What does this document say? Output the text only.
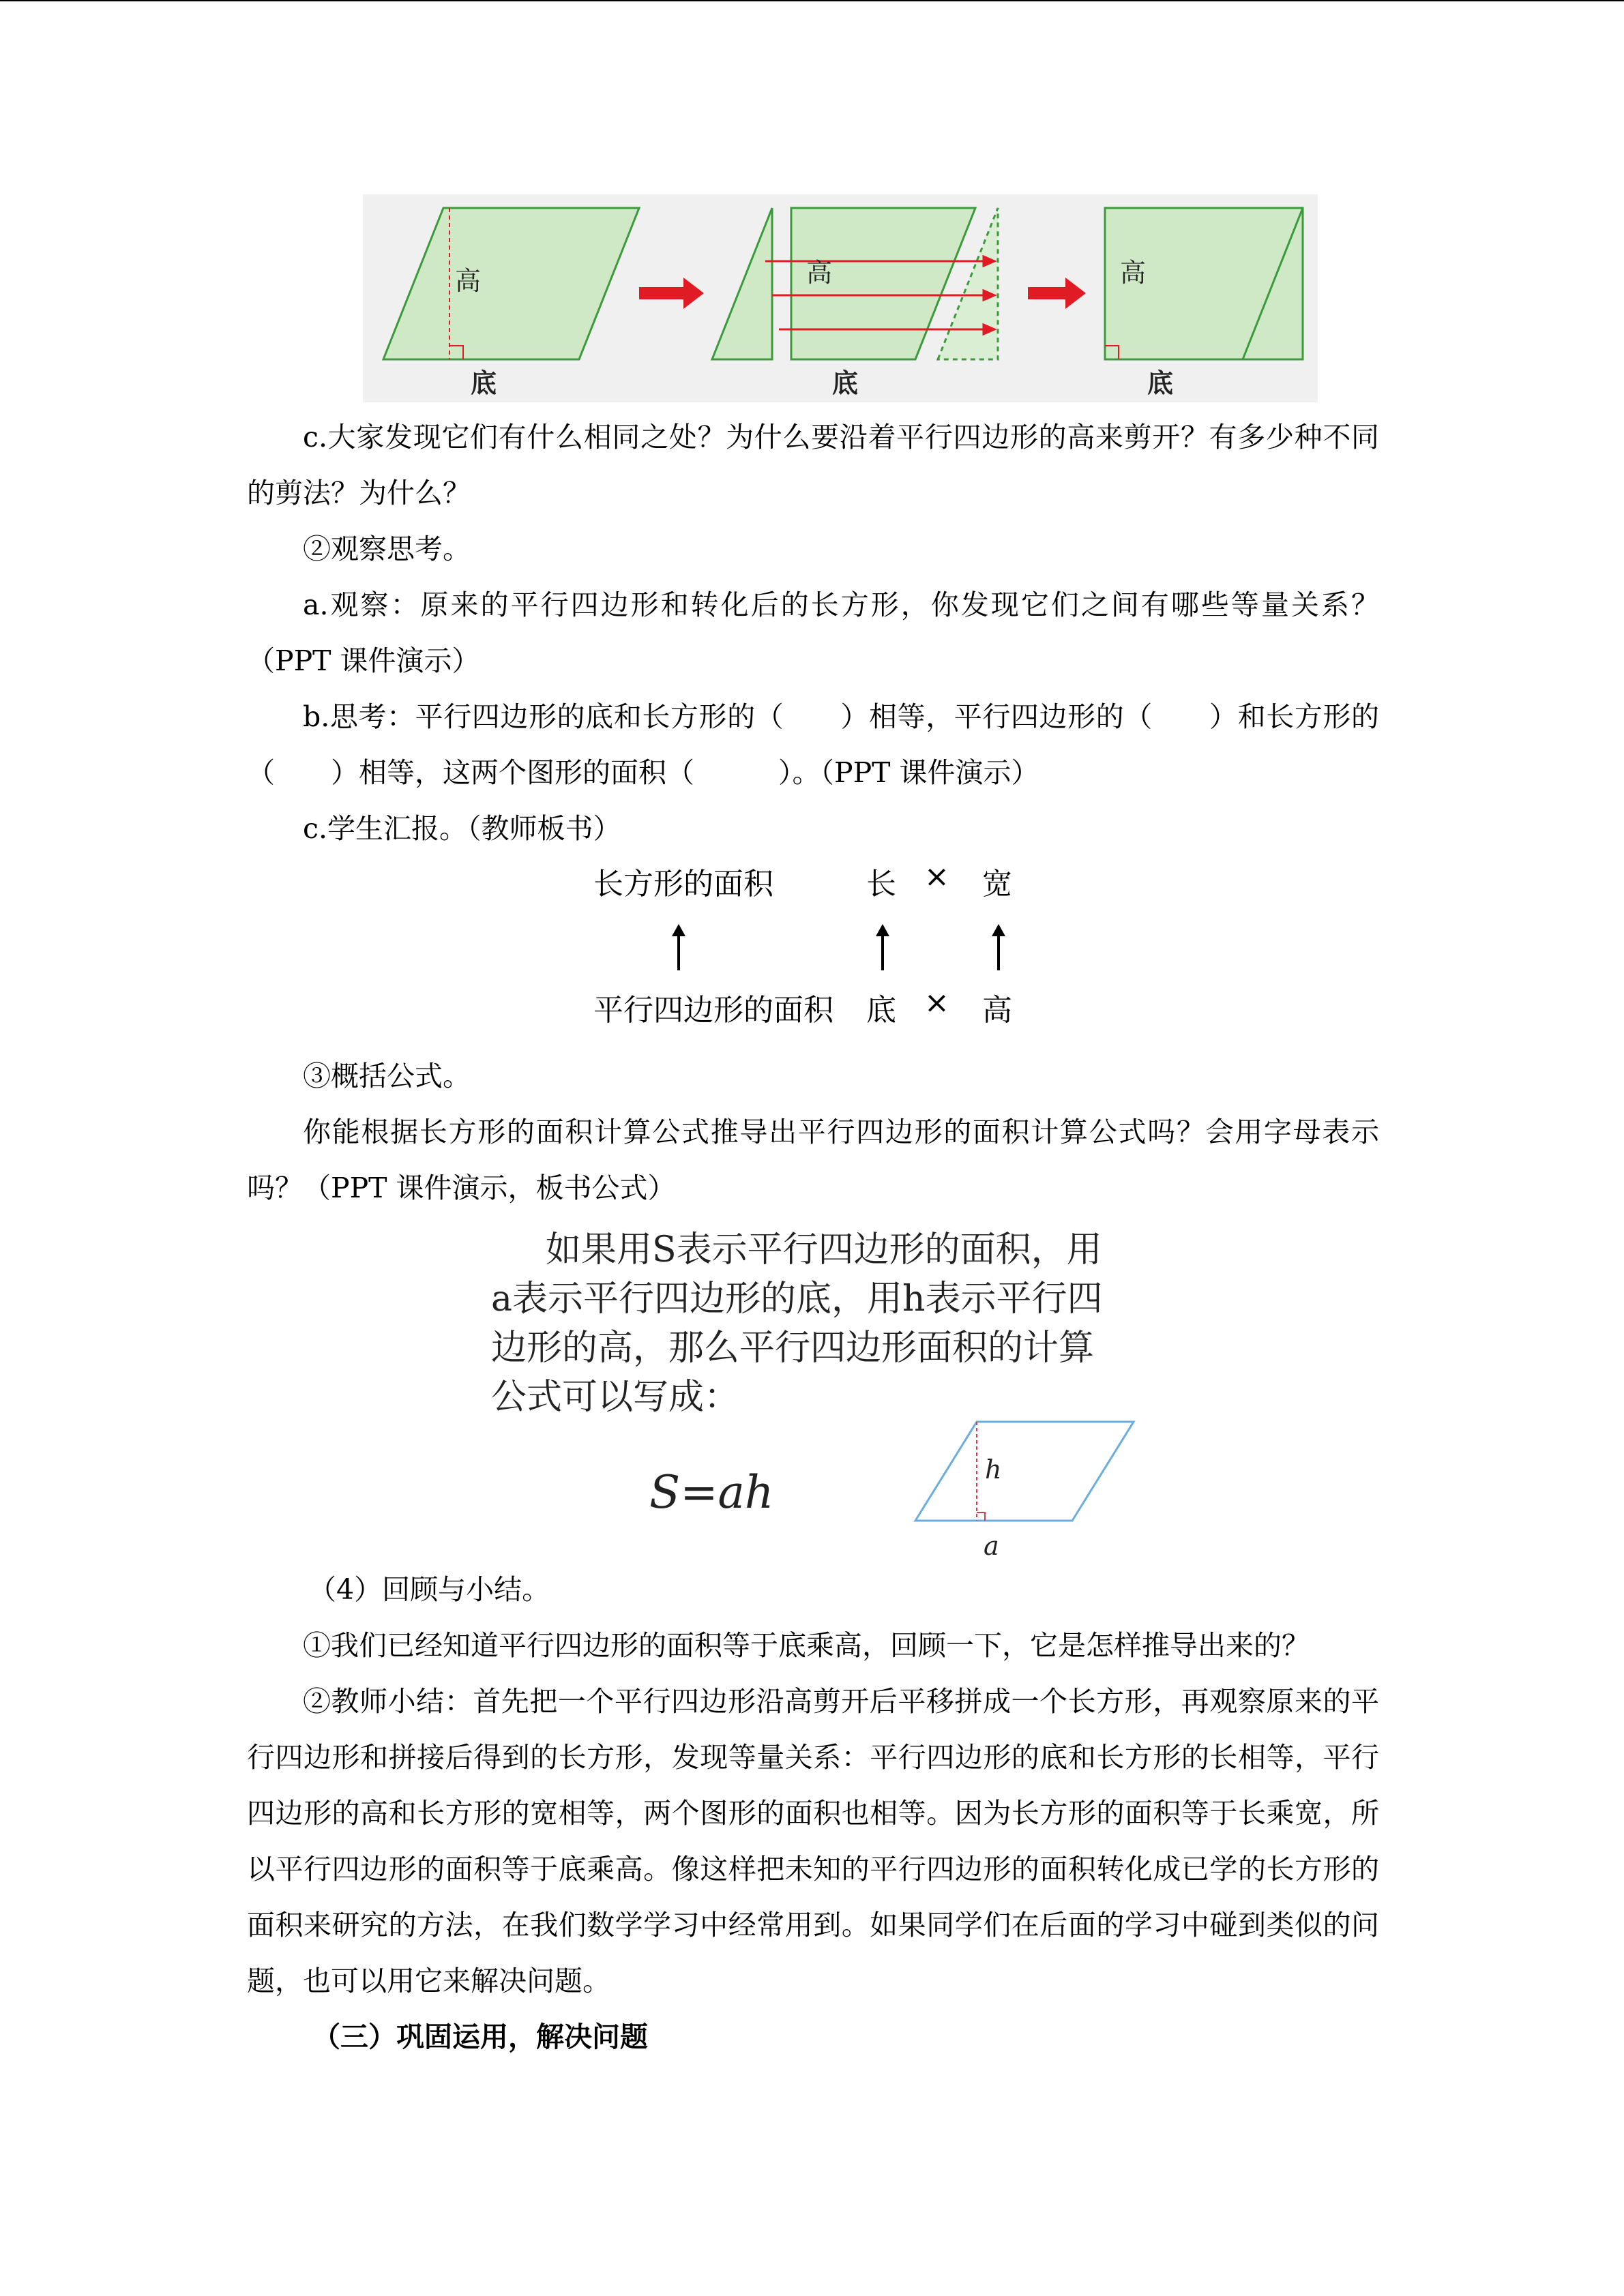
高
底
高
底
高
底

c.大家发现它们有什么相同之处？为什么要沿着平行四边形的高来剪开？有多少种不同的剪法？为什么？

②观察思考。

a.观察：原来的平行四边形和转化后的长方形，你发现它们之间有哪些等量关系？（PPT 课件演示）

b.思考：平行四边形的底和长方形的（　　）相等，平行四边形的（　　）和长方形的（　　）相等，这两个图形的面积（　　　）。（PPT 课件演示）

c.学生汇报。（教师板书）

长方形的面积	长 × 宽
平行四边形的面积 底 × 高

③概括公式。

你能根据长方形的面积计算公式推导出平行四边形的面积计算公式吗？会用字母表示吗？（PPT 课件演示，板书公式）

如果用S表示平行四边形的面积，用
a表示平行四边形的底，用h表示平行四
边形的高，那么平行四边形面积的计算
公式可以写成：
S=ah	h
a

（4）回顾与小结。

①我们已经知道平行四边形的面积等于底乘高，回顾一下，它是怎样推导出来的？

②教师小结：首先把一个平行四边形沿高剪开后平移拼成一个长方形，再观察原来的平行四边形和拼接后得到的长方形，发现等量关系：平行四边形的底和长方形的长相等，平行四边形的高和长方形的宽相等，两个图形的面积也相等。因为长方形的面积等于长乘宽，所以平行四边形的面积等于底乘高。像这样把未知的平行四边形的面积转化成已学的长方形的面积来研究的方法，在我们数学学习中经常用到。如果同学们在后面的学习中碰到类似的问题，也可以用它来解决问题。

（三）巩固运用，解决问题
